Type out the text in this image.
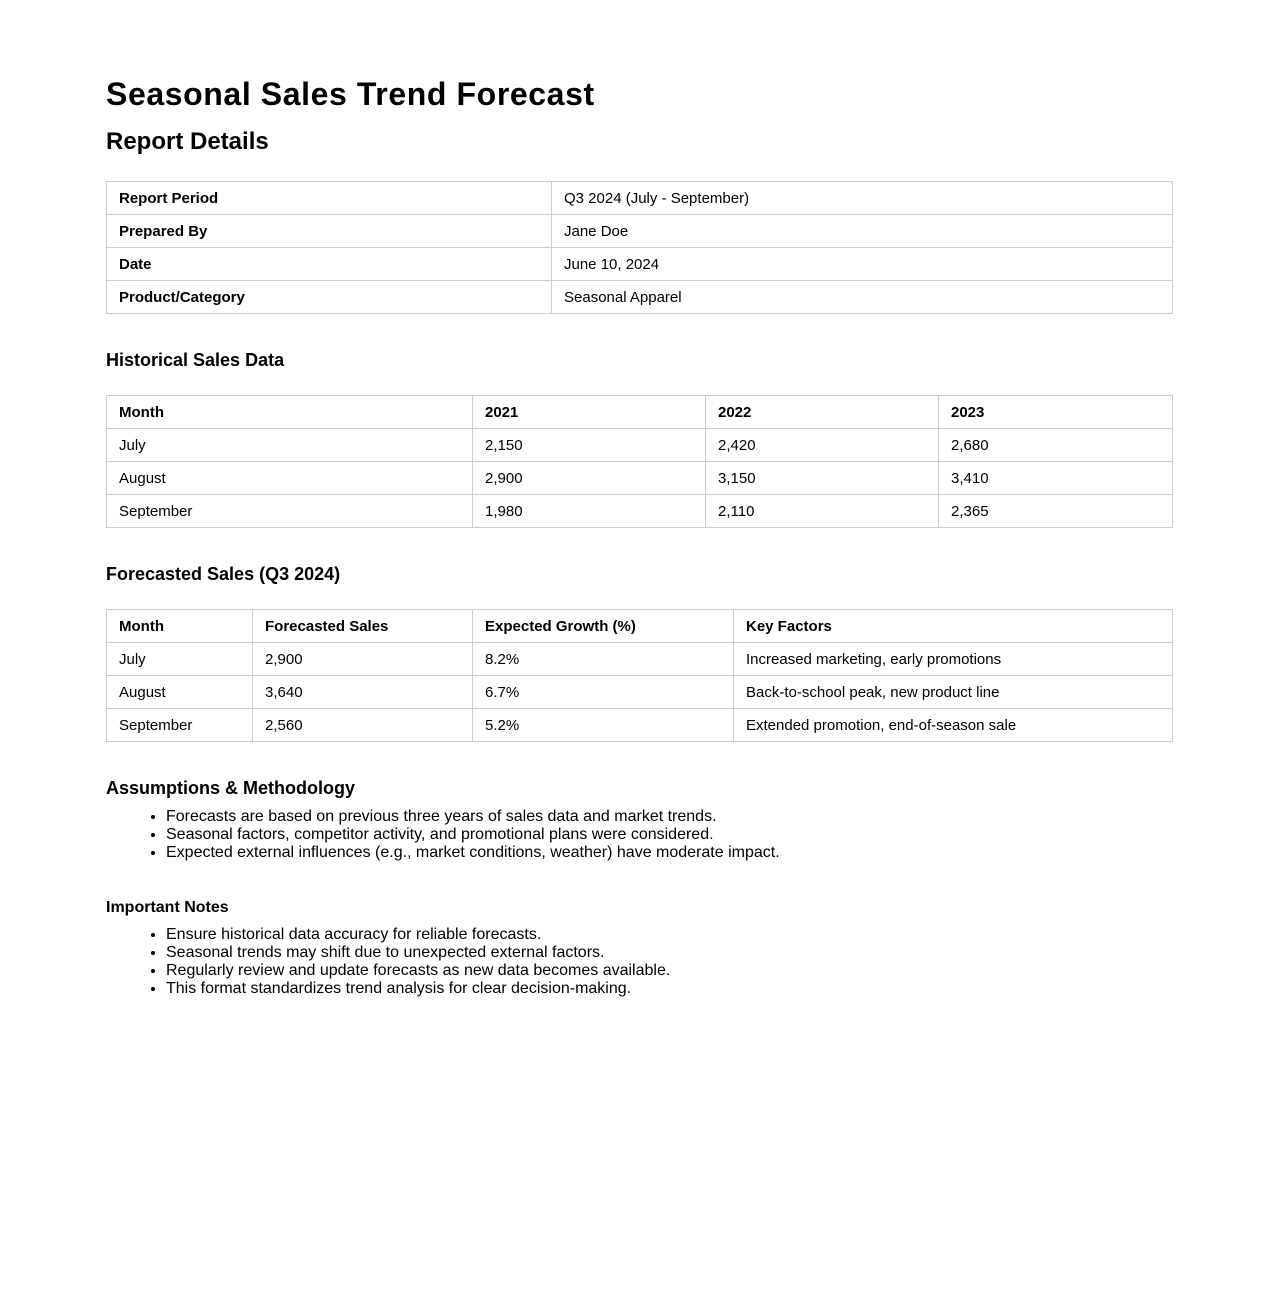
Seasonal Sales Trend Forecast
Report Details
Report Period	Q3 2024 (July - September)
Prepared By	Jane Doe
Date	June 10, 2024
Product/Category	Seasonal Apparel
Historical Sales Data
Month	2021	2022	2023
July	2,150	2,420	2,680
August	2,900	3,150	3,410
September	1,980	2,110	2,365
Forecasted Sales (Q3 2024)
Month	Forecasted Sales	Expected Growth (%)	Key Factors
July	2,900	8.2%	Increased marketing, early promotions
August	3,640	6.7%	Back-to-school peak, new product line
September	2,560	5.2%	Extended promotion, end-of-season sale
Assumptions & Methodology
• Forecasts are based on previous three years of sales data and market trends.
• Seasonal factors, competitor activity, and promotional plans were considered.
• Expected external influences (e.g., market conditions, weather) have moderate impact.
Important Notes
• Ensure historical data accuracy for reliable forecasts.
• Seasonal trends may shift due to unexpected external factors.
• Regularly review and update forecasts as new data becomes available.
• This format standardizes trend analysis for clear decision-making.
